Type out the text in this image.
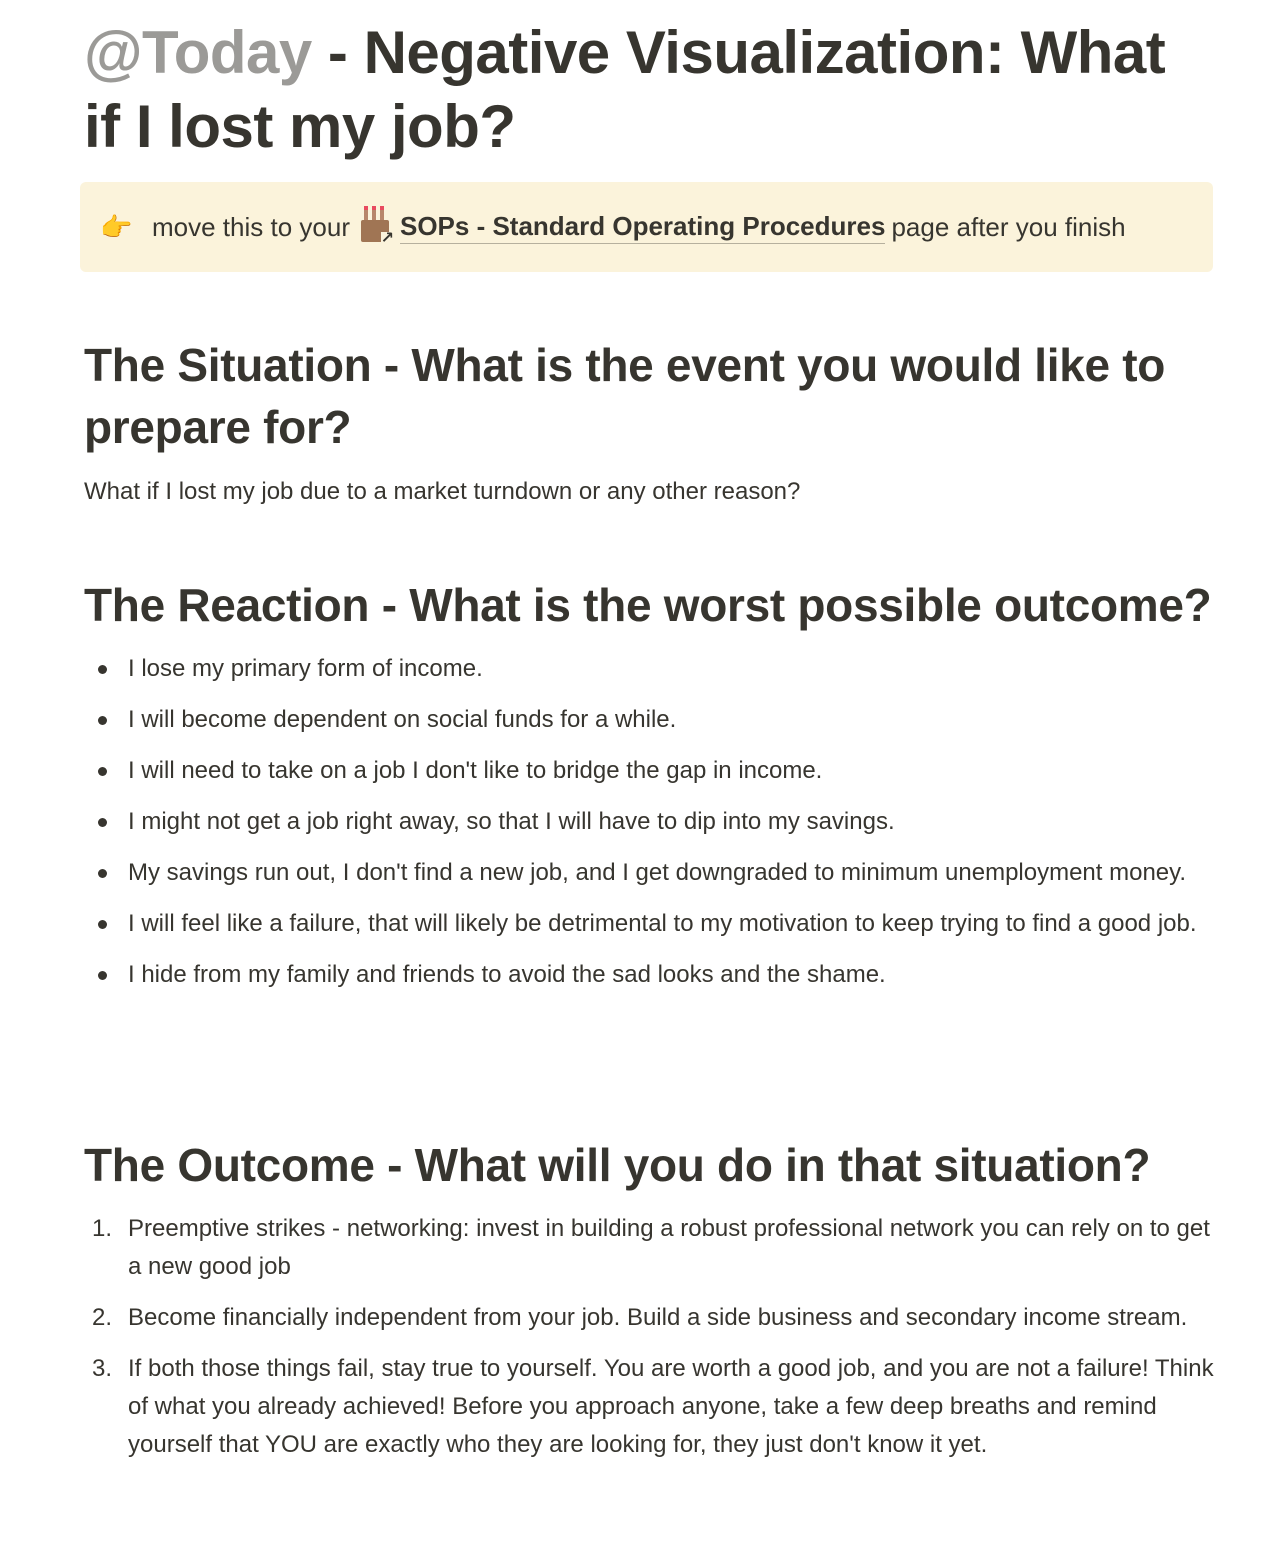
@Today - Negative Visualization: What if I lost my job?
👉 move this to your ↗ SOPs - Standard Operating Procedures page after you finish
The Situation - What is the event you would like to prepare for?

What if I lost my job due to a market turndown or any other reason?

The Reaction - What is the worst possible outcome?
I lose my primary form of income.
I will become dependent on social funds for a while.
I will need to take on a job I don't like to bridge the gap in income.
I might not get a job right away, so that I will have to dip into my savings.
My savings run out, I don't find a new job, and I get downgraded to minimum unemployment money.
I will feel like a failure, that will likely be detrimental to my motivation to keep trying to find a good job.
I hide from my family and friends to avoid the sad looks and the shame.
The Outcome - What will you do in that situation?
1. Preemptive strikes - networking: invest in building a robust professional network you can rely on to get a new good job
2. Become financially independent from your job. Build a side business and secondary income stream.
3. If both those things fail, stay true to yourself. You are worth a good job, and you are not a failure! Think of what you already achieved! Before you approach anyone, take a few deep breaths and remind yourself that YOU are exactly who they are looking for, they just don't know it yet.
